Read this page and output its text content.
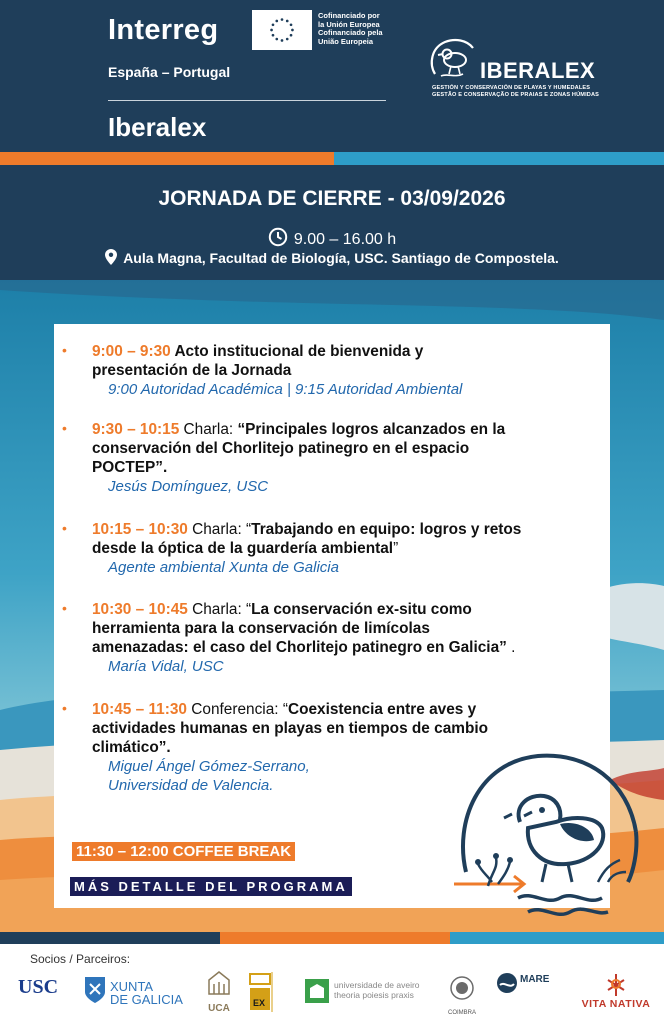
Interreg	Cofinanciado por
la Unión Europea
Cofinanciado pela
União Europeia
España – Portugal
Iberalex
IBERALEX
GESTIÓN Y CONSERVACIÓN DE PLAYAS Y HUMEDALES
GESTÃO E CONSERVAÇÃO DE PRAIAS E ZONAS HÚMIDAS
JORNADA DE CIERRE - 03/09/2026
9.00 – 16.00 h
Aula Magna, Facultad de Biología, USC. Santiago de Compostela.
• 9:00 – 9:30 Acto institucional de bienvenida y
presentación de la Jornada
9:00 Autoridad Académica | 9:15 Autoridad Ambiental
• 9:30 – 10:15 Charla: “Principales logros alcanzados en la
conservación del Chorlitejo patinegro en el espacio
POCTEP”.
Jesús Domínguez, USC
• 10:15 – 10:30 Charla: “Trabajando en equipo: logros y retos
desde la óptica de la guardería ambiental”
Agente ambiental Xunta de Galicia
• 10:30 – 10:45 Charla: “La conservación ex-situ como
herramienta para la conservación de limícolas
amenazadas: el caso del Chorlitejo patinegro en Galicia” .
María Vidal, USC
• 10:45 – 11:30 Conferencia: “Coexistencia entre aves y
actividades humanas en playas en tiempos de cambio
climático”.
Miguel Ángel Gómez-Serrano,
Universidad de Valencia.
11:30 – 12:00 COFFEE BREAK
MÁS DETALLE DEL PROGRAMA
Socios / Parceiros:
USC	XUNTA
DE GALICIA
UCA	EX
universidade de aveiro
theoria poiesis praxis
COIMBRA
MARE
VITA NATIVA
